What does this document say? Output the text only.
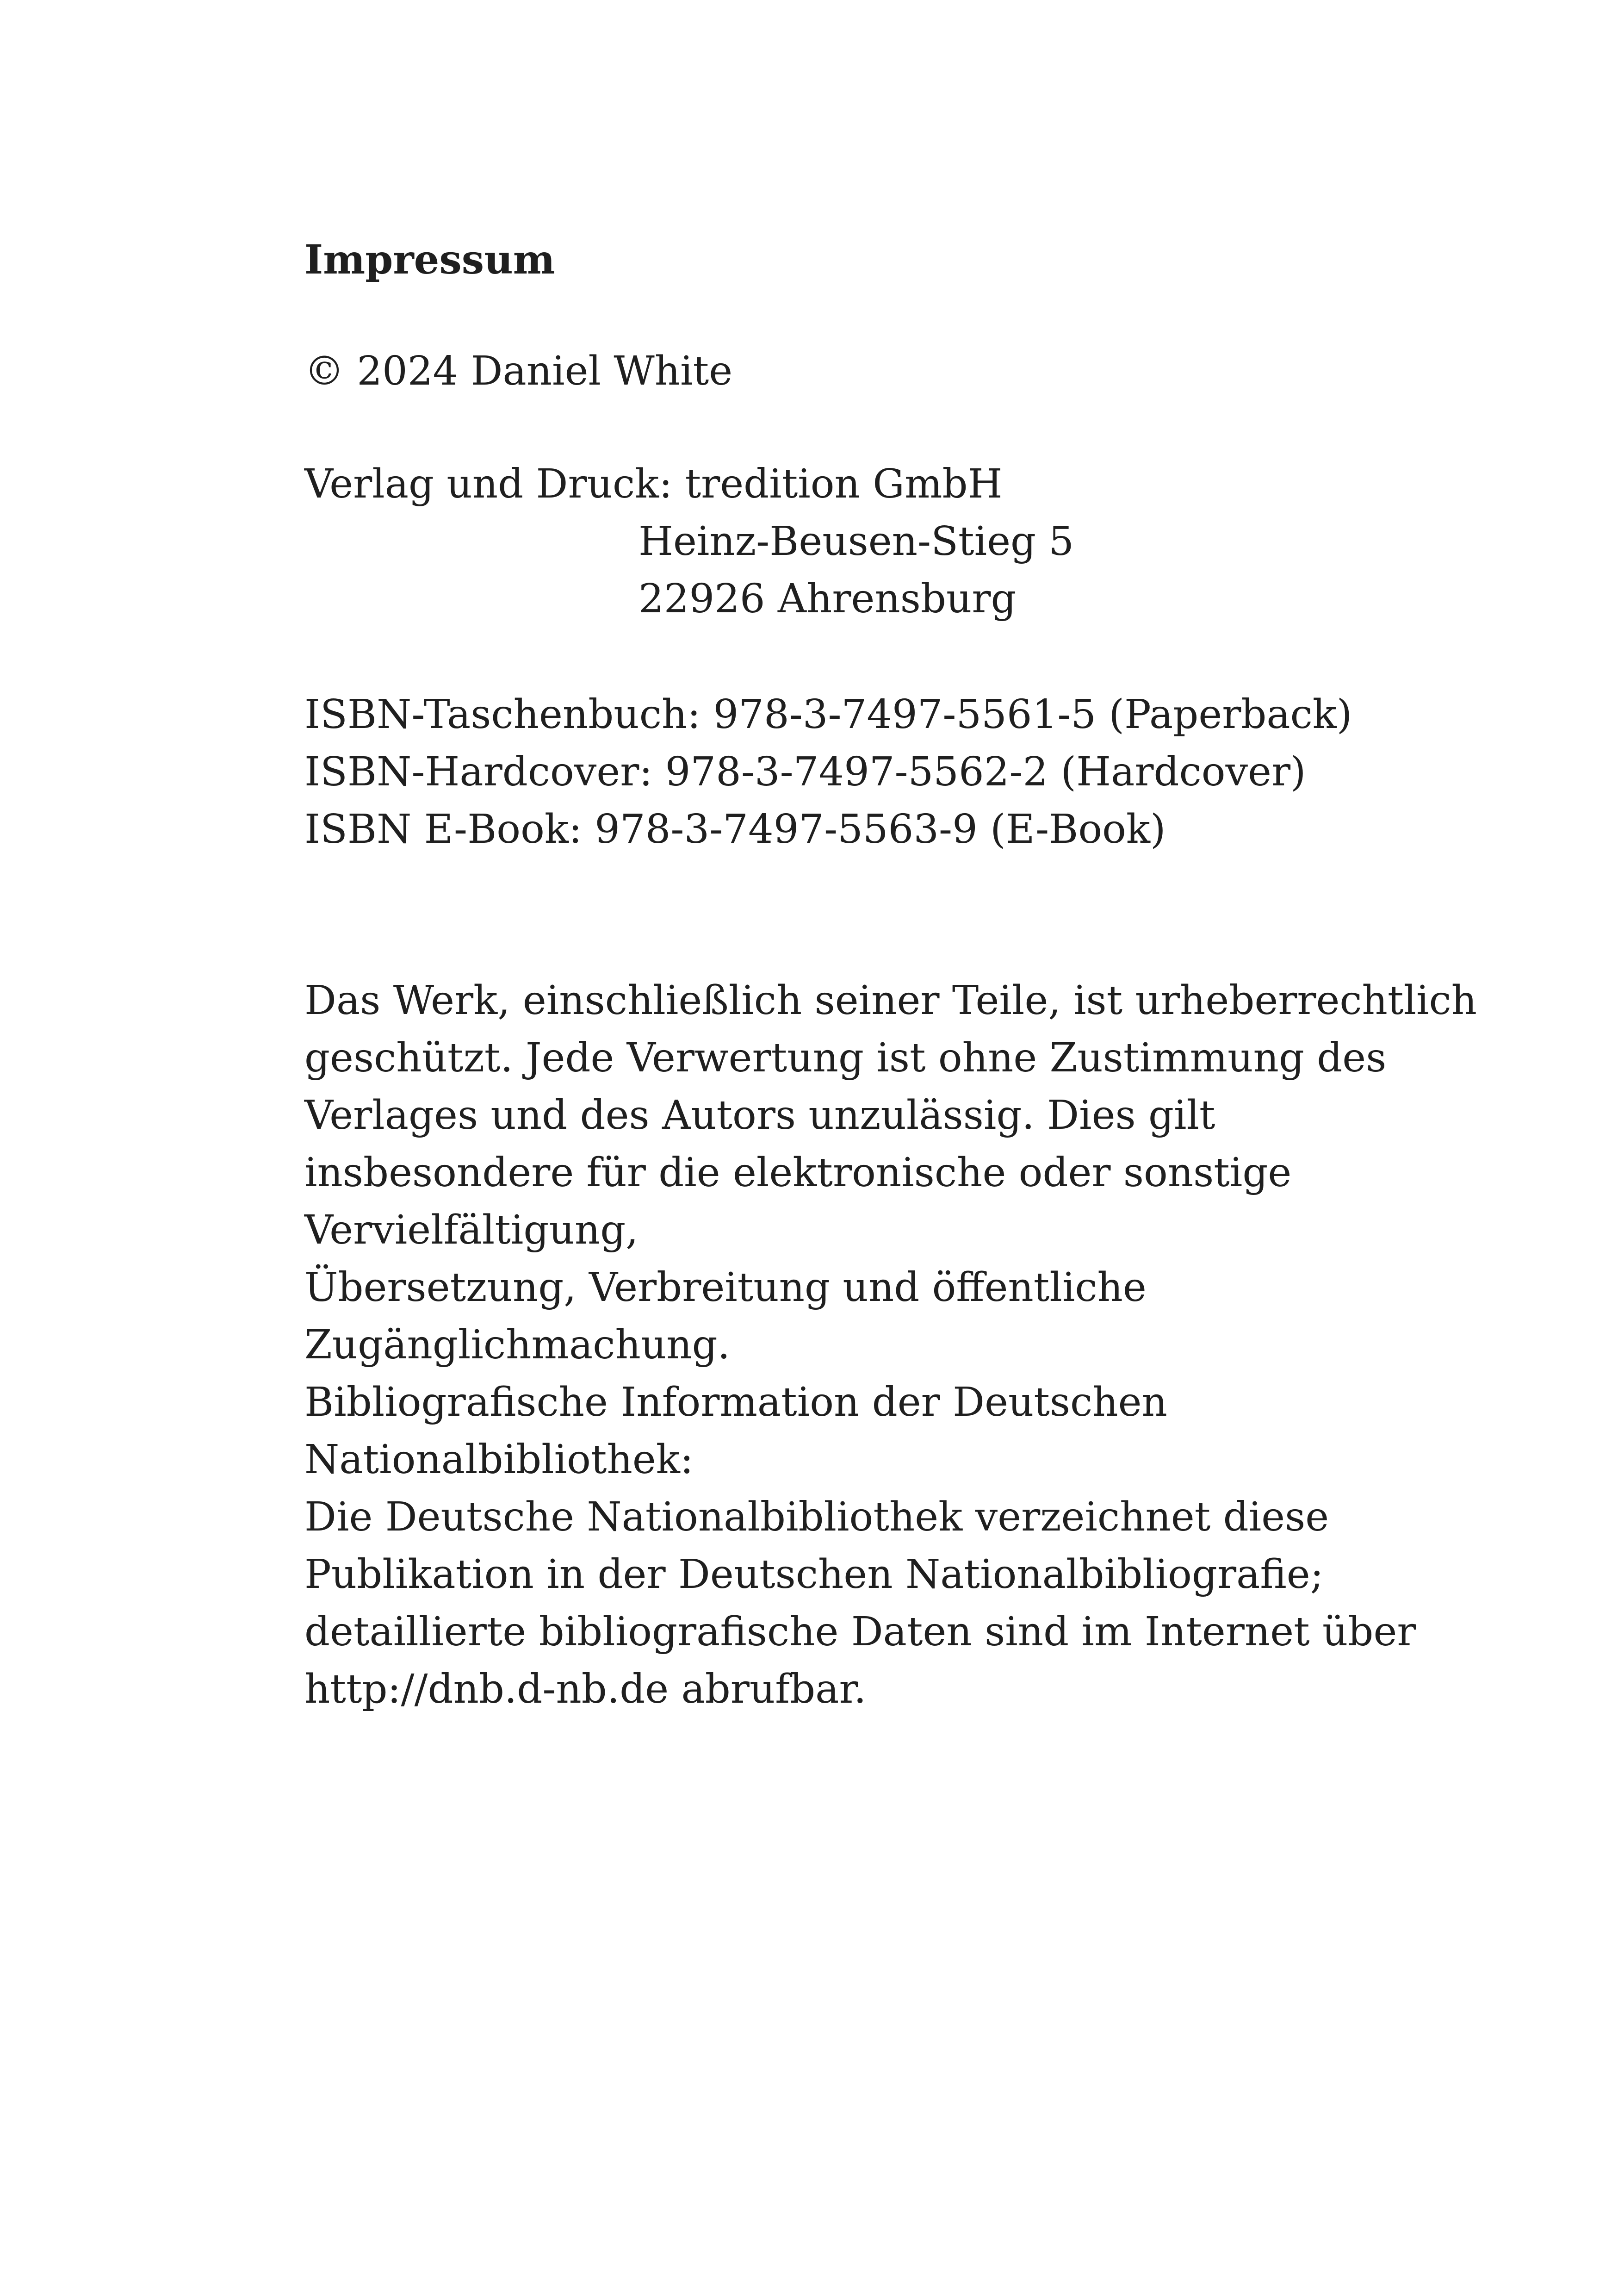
Impressum
© 2024 Daniel White
Verlag und Druck: tredition GmbH
Heinz-Beusen-Stieg 5
22926 Ahrensburg
ISBN-Taschenbuch: 978-3-7497-5561-5 (Paperback)
ISBN-Hardcover: 978-3-7497-5562-2 (Hardcover)
ISBN E-Book: 978-3-7497-5563-9 (E-Book)
Das Werk, einschließlich seiner Teile, ist urheberrechtlich
geschützt. Jede Verwertung ist ohne Zustimmung des
Verlages und des Autors unzulässig. Dies gilt
insbesondere für die elektronische oder sonstige
Vervielfältigung,
Übersetzung, Verbreitung und öffentliche
Zugänglichmachung.
Bibliografische Information der Deutschen
Nationalbibliothek:
Die Deutsche Nationalbibliothek verzeichnet diese
Publikation in der Deutschen Nationalbibliografie;
detaillierte bibliografische Daten sind im Internet über
http://dnb.d-nb.de abrufbar.
